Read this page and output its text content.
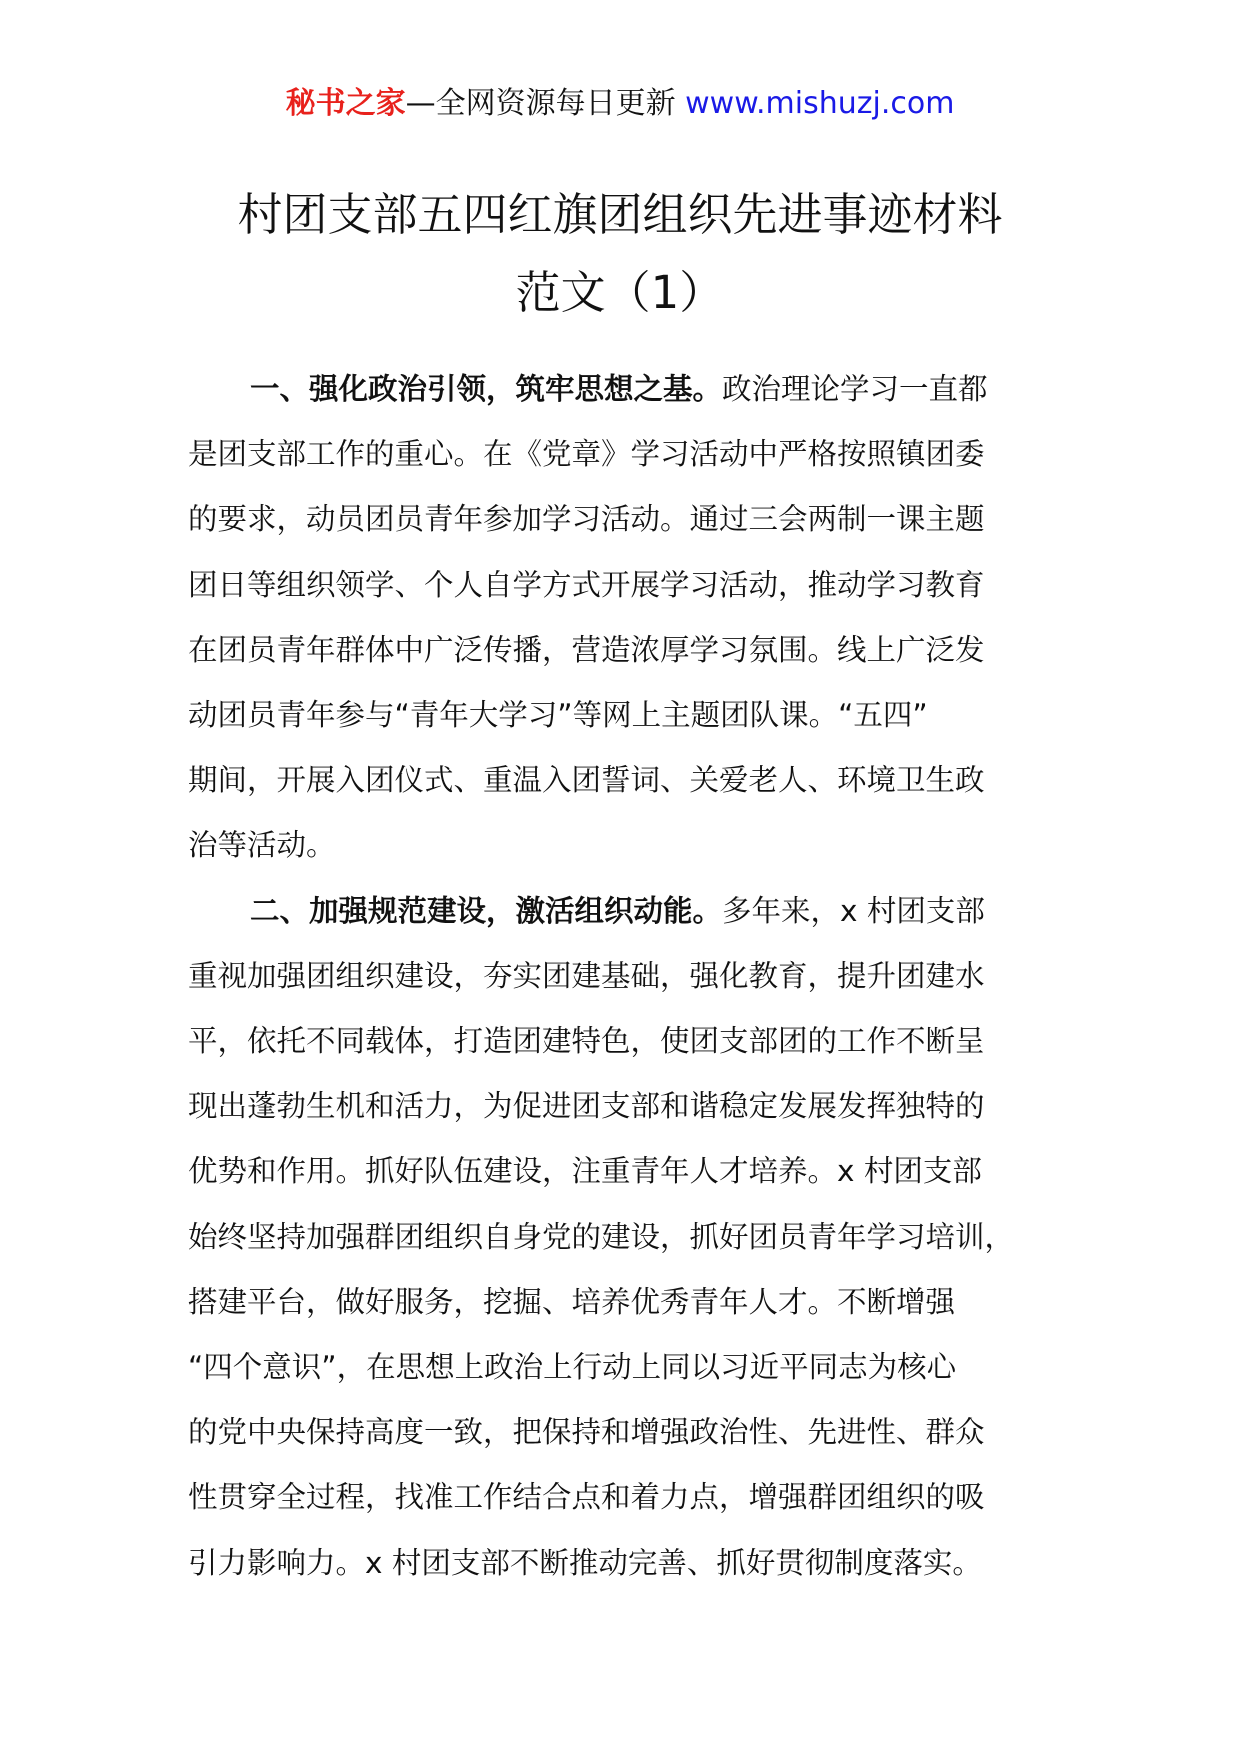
秘书之家—全网资源每日更新 www.mishuzj.com
村团支部五四红旗团组织先进事迹材料
范文（1）

一、强化政治引领，筑牢思想之基。政治理论学习一直都
是团支部工作的重心。在《党章》学习活动中严格按照镇团委
的要求，动员团员青年参加学习活动。通过三会两制一课主题
团日等组织领学、个人自学方式开展学习活动，推动学习教育
在团员青年群体中广泛传播，营造浓厚学习氛围。线上广泛发
动团员青年参与“青年大学习”等网上主题团队课。“五四”
期间，开展入团仪式、重温入团誓词、关爱老人、环境卫生政
治等活动。

二、加强规范建设，激活组织动能。多年来，x 村团支部
重视加强团组织建设，夯实团建基础，强化教育，提升团建水
平，依托不同载体，打造团建特色，使团支部团的工作不断呈
现出蓬勃生机和活力，为促进团支部和谐稳定发展发挥独特的
优势和作用。抓好队伍建设，注重青年人才培养。x 村团支部
始终坚持加强群团组织自身党的建设，抓好团员青年学习培训，
搭建平台，做好服务，挖掘、培养优秀青年人才。不断增强
“四个意识”，在思想上政治上行动上同以习近平同志为核心
的党中央保持高度一致，把保持和增强政治性、先进性、群众
性贯穿全过程，找准工作结合点和着力点，增强群团组织的吸
引力影响力。x 村团支部不断推动完善、抓好贯彻制度落实。
